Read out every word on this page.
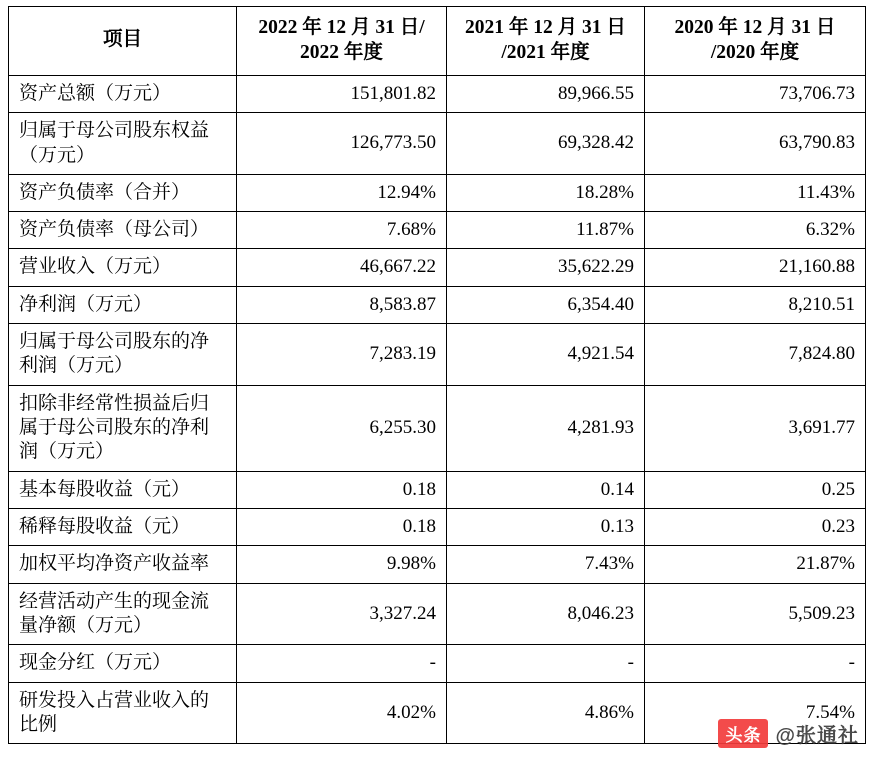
项目	2022 年 12 月 31 日/ 2022 年度	2021 年 12 月 31 日 /2021 年度	2020 年 12 月 31 日 /2020 年度
资产总额（万元）	151,801.82	89,966.55	73,706.73
归属于母公司股东权益（万元）	126,773.50	69,328.42	63,790.83
资产负债率（合并）	12.94%	18.28%	11.43%
资产负债率（母公司）	7.68%	11.87%	6.32%
营业收入（万元）	46,667.22	35,622.29	21,160.88
净利润（万元）	8,583.87	6,354.40	8,210.51
归属于母公司股东的净利润（万元）	7,283.19	4,921.54	7,824.80
扣除非经常性损益后归属于母公司股东的净利润（万元）	6,255.30	4,281.93	3,691.77
基本每股收益（元）	0.18	0.14	0.25
稀释每股收益（元）	0.18	0.13	0.23
加权平均净资产收益率	9.98%	7.43%	21.87%
经营活动产生的现金流量净额（万元）	3,327.24	8,046.23	5,509.23
现金分红（万元）	-	-	-
研发投入占营业收入的比例	4.02%	4.86%	7.54%
头条 @张通社
